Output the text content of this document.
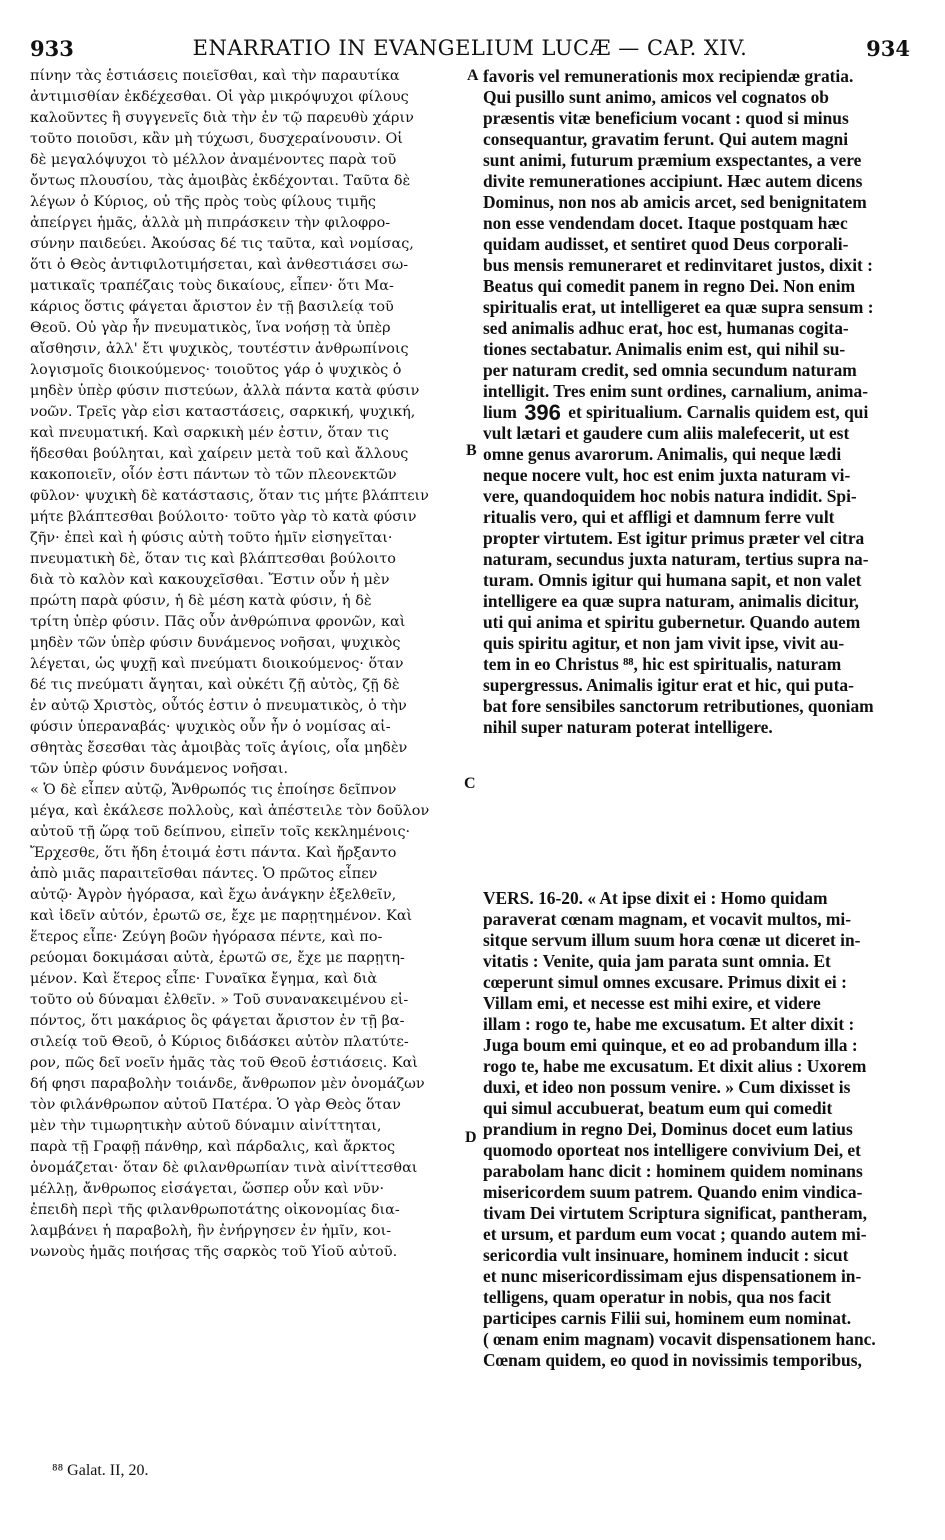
933	ENARRATIO IN EVANGELIUM LUCÆ — CAP. XIV.	934
A
B
C
D
πίνην τὰς ἑστιάσεις ποιεῖσθαι, καὶ τὴν παραυτίκα
ἀντιμισθίαν ἐκδέχεσθαι. Οἱ γὰρ μικρόψυχοι φίλους
καλοῦντες ἢ συγγενεῖς διὰ τὴν ἐν τῷ παρευθὺ χάριν
τοῦτο ποιοῦσι, κἂν μὴ τύχωσι, δυσχεραίνουσιν. Οἱ
δὲ μεγαλόψυχοι τὸ μέλλον ἀναμένοντες παρὰ τοῦ
ὄντως πλουσίου, τὰς ἀμοιβὰς ἐκδέχονται. Ταῦτα δὲ
λέγων ὁ Κύριος, οὐ τῆς πρὸς τοὺς φίλους τιμῆς
ἀπείργει ἡμᾶς, ἀλλὰ μὴ πιπράσκειν τὴν φιλοφρο-
σύνην παιδεύει. Ἀκούσας δέ τις ταῦτα, καὶ νομίσας,
ὅτι ὁ Θεὸς ἀντιφιλοτιμήσεται, καὶ ἀνθεστιάσει σω-
ματικαῖς τραπέζαις τοὺς δικαίους, εἶπεν· ὅτι Μα-
κάριος ὅστις φάγεται ἄριστον ἐν τῇ βασιλείᾳ τοῦ
Θεοῦ. Οὐ γὰρ ἦν πνευματικὸς, ἵνα νοήσῃ τὰ ὑπὲρ
αἴσθησιν, ἀλλ' ἔτι ψυχικὸς, τουτέστιν ἀνθρωπίνοις
λογισμοῖς διοικούμενος· τοιοῦτος γάρ ὁ ψυχικὸς ὁ
μηδὲν ὑπὲρ φύσιν πιστεύων, ἀλλὰ πάντα κατὰ φύσιν
νοῶν. Τρεῖς γὰρ εἰσι καταστάσεις, σαρκική, ψυχική,
καὶ πνευματική. Καὶ σαρκικὴ μέν ἐστιν, ὅταν τις
ἥδεσθαι βούληται, καὶ χαίρειν μετὰ τοῦ καὶ ἄλλους
κακοποιεῖν, οἷόν ἐστι πάντων τὸ τῶν πλεονεκτῶν
φῦλον· ψυχικὴ δὲ κατάστασις, ὅταν τις μήτε βλάπτειν
μήτε βλάπτεσθαι βούλοιτο· τοῦτο γὰρ τὸ κατὰ φύσιν
ζῆν· ἐπεὶ καὶ ἡ φύσις αὐτὴ τοῦτο ἡμῖν εἰσηγεῖται·
πνευματικὴ δὲ, ὅταν τις καὶ βλάπτεσθαι βούλοιτο
διὰ τὸ καλὸν καὶ κακουχεῖσθαι. Ἔστιν οὖν ἡ μὲν
πρώτη παρὰ φύσιν, ἡ δὲ μέση κατὰ φύσιν, ἡ δὲ
τρίτη ὑπὲρ φύσιν. Πᾶς οὖν ἀνθρώπινα φρονῶν, καὶ
μηδὲν τῶν ὑπὲρ φύσιν δυνάμενος νοῆσαι, ψυχικὸς
λέγεται, ὡς ψυχῇ καὶ πνεύματι διοικούμενος· ὅταν
δέ τις πνεύματι ἄγηται, καὶ οὐκέτι ζῇ αὐτὸς, ζῇ δὲ
ἐν αὐτῷ Χριστὸς, οὗτός ἐστιν ὁ πνευματικὸς, ὁ τὴν
φύσιν ὑπεραναβάς· ψυχικὸς οὖν ἦν ὁ νομίσας αἰ-
σθητὰς ἔσεσθαι τὰς ἀμοιβὰς τοῖς ἁγίοις, οἷα μηδὲν
τῶν ὑπὲρ φύσιν δυνάμενος νοῆσαι.
« Ὁ δὲ εἶπεν αὐτῷ, Ἄνθρωπός τις ἐποίησε δεῖπνον
μέγα, καὶ ἐκάλεσε πολλοὺς, καὶ ἀπέστειλε τὸν δοῦλον
αὐτοῦ τῇ ὥρᾳ τοῦ δείπνου, εἰπεῖν τοῖς κεκλημένοις·
Ἔρχεσθε, ὅτι ἤδη ἑτοιμά ἐστι πάντα. Καὶ ἤρξαντο
ἀπὸ μιᾶς παραιτεῖσθαι πάντες. Ὁ πρῶτος εἶπεν
αὐτῷ· Ἀγρὸν ἠγόρασα, καὶ ἔχω ἀνάγκην ἐξελθεῖν,
καὶ ἰδεῖν αὐτόν, ἐρωτῶ σε, ἔχε με παρῃτημένον. Καὶ
ἕτερος εἶπε· Ζεύγη βοῶν ἠγόρασα πέντε, καὶ πο-
ρεύομαι δοκιμάσαι αὐτὰ, ἐρωτῶ σε, ἔχε με παρῃτη-
μένον. Καὶ ἕτερος εἶπε· Γυναῖκα ἔγημα, καὶ διὰ
τοῦτο οὐ δύναμαι ἐλθεῖν. » Τοῦ συνανακειμένου εἰ-
πόντος, ὅτι μακάριος ὃς φάγεται ἄριστον ἐν τῇ βα-
σιλείᾳ τοῦ Θεοῦ, ὁ Κύριος διδάσκει αὐτὸν πλατύτε-
ρον, πῶς δεῖ νοεῖν ἡμᾶς τὰς τοῦ Θεοῦ ἑστιάσεις. Καὶ
δή φησι παραβολὴν τοιάνδε, ἄνθρωπον μὲν ὀνομάζων
τὸν φιλάνθρωπον αὐτοῦ Πατέρα. Ὁ γὰρ Θεὸς ὅταν
μὲν τὴν τιμωρητικὴν αὐτοῦ δύναμιν αἰνίττηται,
παρὰ τῇ Γραφῇ πάνθηρ, καὶ πάρδαλις, καὶ ἄρκτος
ὀνομάζεται· ὅταν δὲ φιλανθρωπίαν τινὰ αἰνίττεσθαι
μέλλῃ, ἄνθρωπος εἰσάγεται, ὥσπερ οὖν καὶ νῦν·
ἐπειδὴ περὶ τῆς φιλανθρωποτάτης οἰκονομίας δια-
λαμβάνει ἡ παραβολὴ, ἣν ἐνήργησεν ἐν ἡμῖν, κοι-
νωνοὺς ἡμᾶς ποιήσας τῆς σαρκὸς τοῦ Υἱοῦ αὐτοῦ.
favoris vel remunerationis mox recipiendæ gratia.
Qui pusillo sunt animo, amicos vel cognatos ob
præsentis vitæ beneficium vocant : quod si minus
consequantur, gravatim ferunt. Qui autem magni
sunt animi, futurum præmium exspectantes, a vere
divite remunerationes accipiunt. Hæc autem dicens
Dominus, non nos ab amicis arcet, sed benignitatem
non esse vendendam docet. Itaque postquam hæc
quidam audisset, et sentiret quod Deus corporali-
bus mensis remuneraret et redinvitaret justos, dixit :
Beatus qui comedit panem in regno Dei. Non enim
spiritualis erat, ut intelligeret ea quæ supra sensum :
sed animalis adhuc erat, hoc est, humanas cogita-
tiones sectabatur. Animalis enim est, qui nihil su-
per naturam credit, sed omnia secundum naturam
intelligit. Tres enim sunt ordines, carnalium, anima-
lium 396 et spiritualium. Carnalis quidem est, qui
vult lætari et gaudere cum aliis malefecerit, ut est
omne genus avarorum. Animalis, qui neque lædi
neque nocere vult, hoc est enim juxta naturam vi-
vere, quandoquidem hoc nobis natura indidit. Spi-
ritualis vero, qui et affligi et damnum ferre vult
propter virtutem. Est igitur primus præter vel citra
naturam, secundus juxta naturam, tertius supra na-
turam. Omnis igitur qui humana sapit, et non valet
intelligere ea quæ supra naturam, animalis dicitur,
uti qui anima et spiritu gubernetur. Quando autem
quis spiritu agitur, et non jam vivit ipse, vivit au-
tem in eo Christus ⁸⁸, hic est spiritualis, naturam
supergressus. Animalis igitur erat et hic, qui puta-
bat fore sensibiles sanctorum retributiones, quoniam
nihil super naturam poterat intelligere.
VERS. 16-20. « At ipse dixit ei : Homo quidam
paraverat cœnam magnam, et vocavit multos, mi-
sitque servum illum suum hora cœnæ ut diceret in-
vitatis : Venite, quia jam parata sunt omnia. Et
cœperunt simul omnes excusare. Primus dixit ei :
Villam emi, et necesse est mihi exire, et videre
illam : rogo te, habe me excusatum. Et alter dixit :
Juga boum emi quinque, et eo ad probandum illa :
rogo te, habe me excusatum. Et dixit alius : Uxorem
duxi, et ideo non possum venire. » Cum dixisset is
qui simul accubuerat, beatum eum qui comedit
prandium in regno Dei, Dominus docet eum latius
quomodo oporteat nos intelligere convivium Dei, et
parabolam hanc dicit : hominem quidem nominans
misericordem suum patrem. Quando enim vindica-
tivam Dei virtutem Scriptura significat, pantheram,
et ursum, et pardum eum vocat ; quando autem mi-
sericordia vult insinuare, hominem inducit : sicut
et nunc misericordissimam ejus dispensationem in-
telligens, quam operatur in nobis, qua nos facit
participes carnis Filii sui, hominem eum nominat.
( œnam enim magnam) vocavit dispensationem hanc.
Cœnam quidem, eo quod in novissimis temporibus,
⁸⁸ Galat. II, 20.
